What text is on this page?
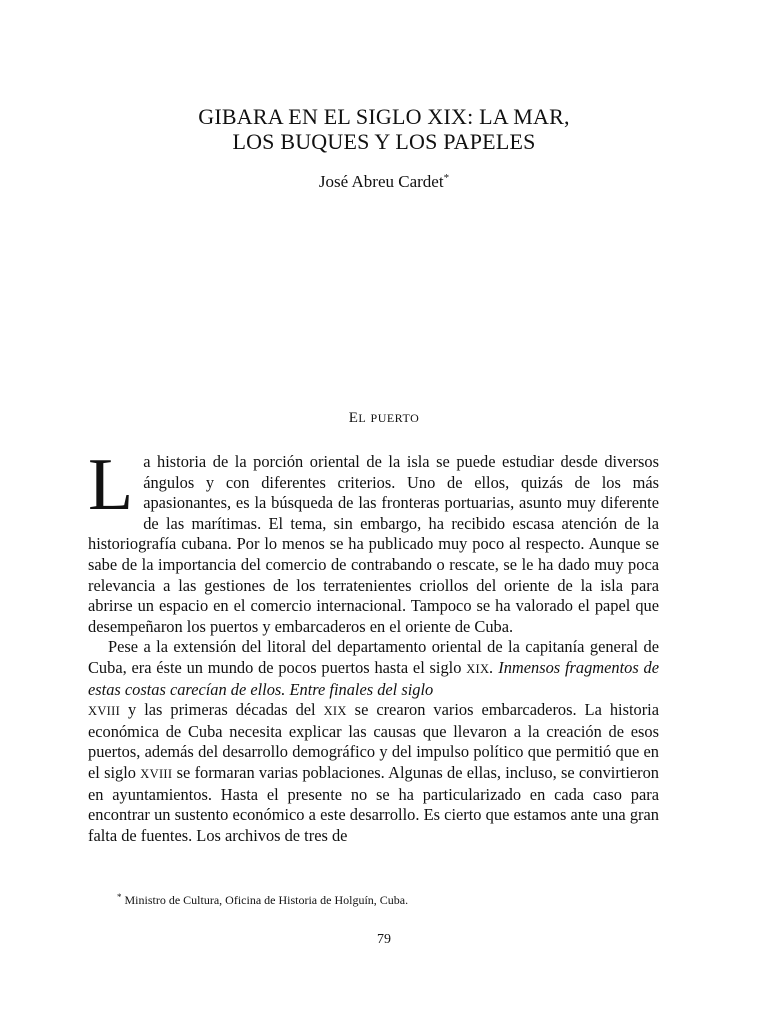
GIBARA EN EL SIGLO XIX: LA MAR,
LOS BUQUES Y LOS PAPELES
José Abreu Cardet*
EL PUERTO

La historia de la porción oriental de la isla se puede estudiar desde diversos ángulos y con diferentes criterios. Uno de ellos, quizás de los más apasionantes, es la búsqueda de las fronteras portuarias, asunto muy diferente de las marítimas. El tema, sin embargo, ha recibido escasa atención de la historiografía cubana. Por lo menos se ha publicado muy poco al respecto. Aunque se sabe de la importancia del comercio de contrabando o rescate, se le ha dado muy poca relevancia a las gestiones de los terratenientes criollos del oriente de la isla para abrirse un espacio en el comercio internacional. Tampoco se ha valorado el papel que desempeñaron los puertos y embarcaderos en el oriente de Cuba.

Pese a la extensión del litoral del departamento oriental de la capitanía general de Cuba, era éste un mundo de pocos puertos hasta el siglo XIX. Inmensos fragmentos de estas costas carecían de ellos. Entre finales del siglo
XVIII y las primeras décadas del XIX se crearon varios embarcaderos. La historia económica de Cuba necesita explicar las causas que llevaron a la creación de esos puertos, además del desarrollo demográfico y del impulso político que permitió que en el siglo XVIII se formaran varias poblaciones. Algunas de ellas, incluso, se convirtieron en ayuntamientos. Hasta el presente no se ha particularizado en cada caso para encontrar un sustento económico a este desarrollo. Es cierto que estamos ante una gran falta de fuentes. Los archivos de tres de

* Ministro de Cultura, Oficina de Historia de Holguín, Cuba.
79
